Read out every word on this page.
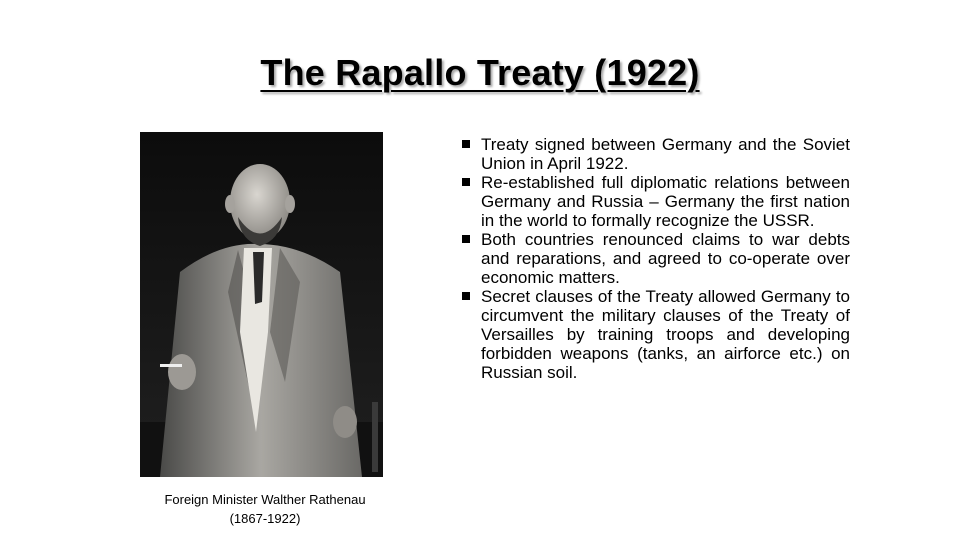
The Rapallo Treaty (1922)
Foreign Minister Walther Rathenau (1867-1922)
Treaty signed between Germany and the Soviet Union in April 1922.
Re-established full diplomatic relations between Germany and Russia – Germany the first nation in the world to formally recognize the USSR.
Both countries renounced claims to war debts and reparations, and agreed to co-operate over economic matters.
Secret clauses of the Treaty allowed Germany to circumvent the military clauses of the Treaty of Versailles by training troops and developing forbidden weapons (tanks, an airforce etc.) on Russian soil.
